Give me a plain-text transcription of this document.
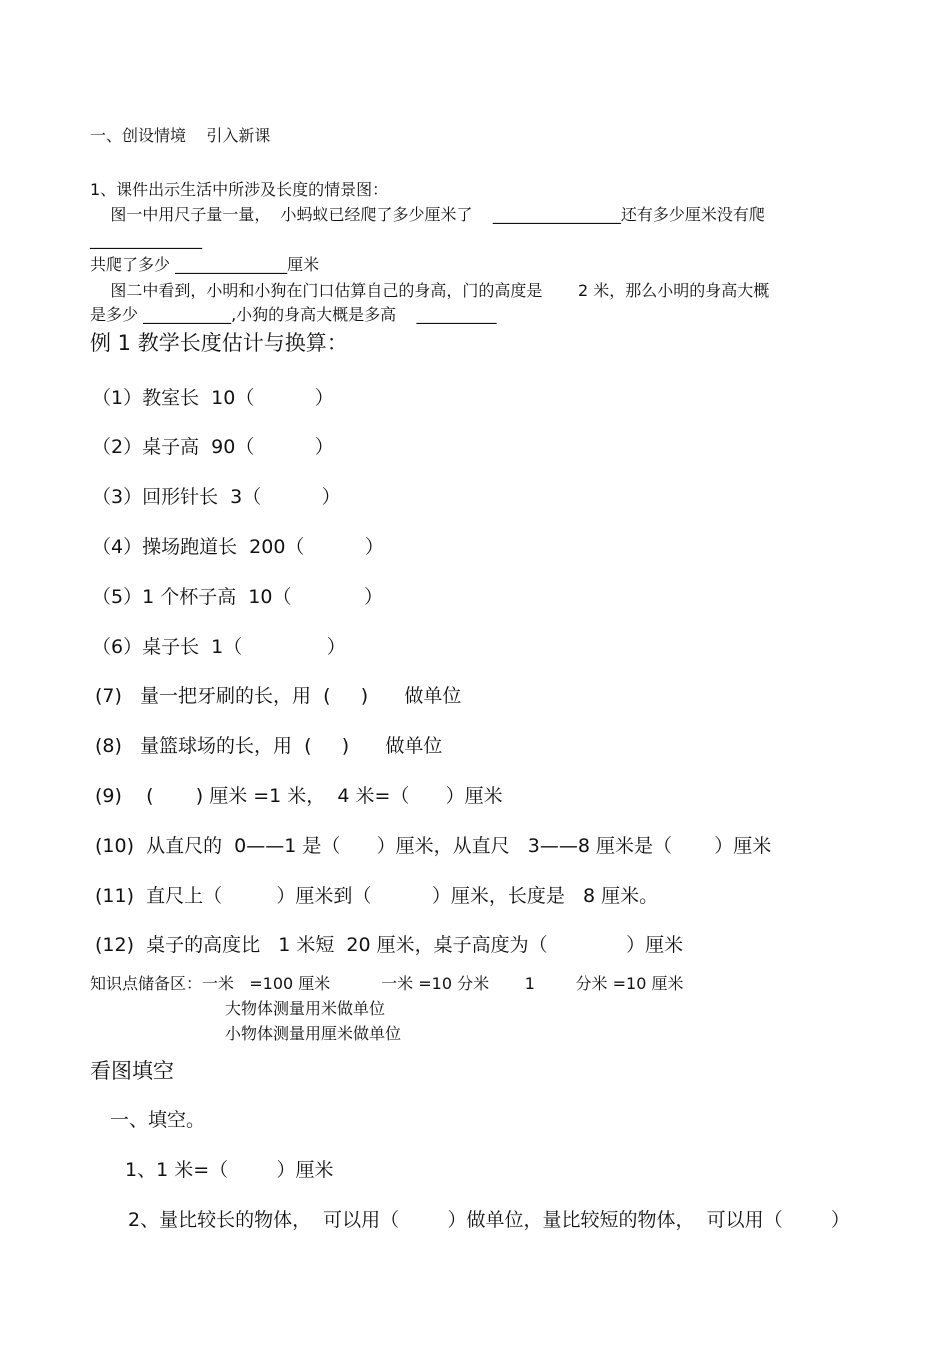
一、创设情境    引入新课
1、课件出示生活中所涉及长度的情景图：
图一中用尺子量一量，  小蚂蚁已经爬了多少厘米了    ________________还有多少厘米没有爬
______________
共爬了多少 ______________厘米
图二中看到，小明和小狗在门口估算自己的身高，门的高度是       2 米，那么小明的身高大概
是多少 ___________,小狗的身高大概是多高    __________
例 1 教学长度估计与换算：
（1）教室长  10（          ）
（2）桌子高  90（          ）
（3）回形针长  3（          ）
（4）操场跑道长  200（          ）
（5）1 个杯子高  10（            ）
（6）桌子长  1（              ）
(7)   量一把牙刷的长，用  (     )      做单位
(8)   量篮球场的长，用  (     )      做单位
(9)    (       ) 厘米 =1 米，  4 米=（      ）厘米
(10)  从直尺的  0——1 是（      ）厘米，从直尺   3——8 厘米是（       ）厘米
(11)  直尺上（         ）厘米到（          ）厘米，长度是   8 厘米。
(12)  桌子的高度比   1 米短  20 厘米，桌子高度为（             ）厘米
知识点储备区：一米   =100 厘米          一米 =10 分米       1        分米 =10 厘米
大物体测量用米做单位
小物体测量用厘米做单位
看图填空
一、填空。
1、1 米=（        ）厘米
2、量比较长的物体，  可以用（        ）做单位，量比较短的物体，  可以用（        ）
